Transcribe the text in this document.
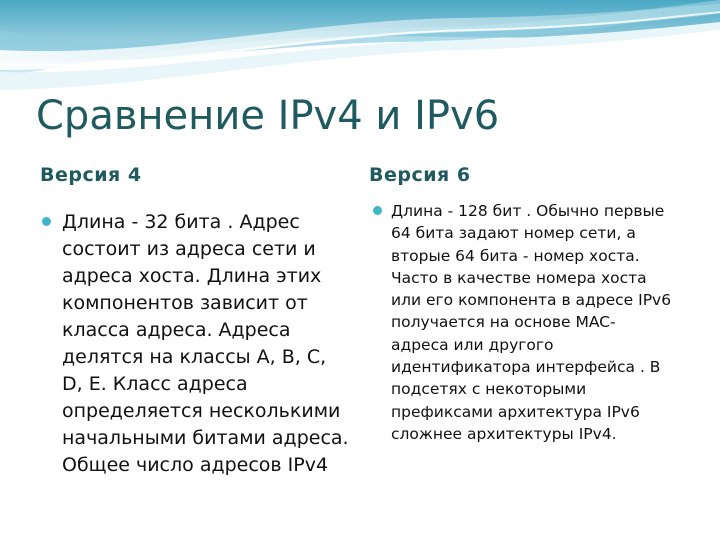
Сравнение IPv4 и IPv6
Версия 4	Версия 6
Длина - 32 бита . Адрес состоит из адреса сети и адреса хоста. Длина этих компонентов зависит от класса адреса. Адреса делятся на классы A, B, C, D, E. Класс адреса определяется несколькими начальными битами адреса. Общее число адресов IPv4
Длина - 128 бит . Обычно первые 64 бита задают номер сети, а вторые 64 бита - номер хоста. Часто в качестве номера хоста или его компонента в адресе IPv6 получается на основе MAC-адреса или другого идентификатора интерфейса . В подсетях с некоторыми префиксами архитектура IPv6 сложнее архитектуры IPv4.
